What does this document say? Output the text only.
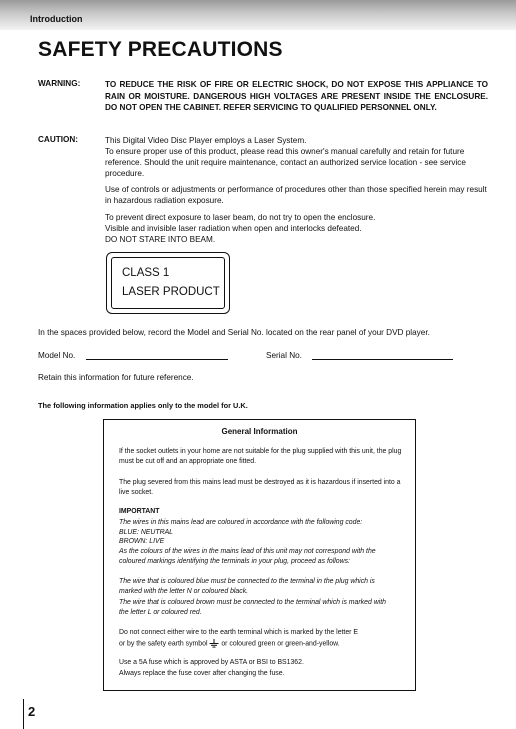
Introduction
SAFETY PRECAUTIONS
WARNING:	TO REDUCE THE RISK OF FIRE OR ELECTRIC SHOCK, DO NOT EXPOSE THIS APPLIANCE TO RAIN OR MOISTURE. DANGEROUS HIGH VOLTAGES ARE PRESENT INSIDE THE ENCLOSURE. DO NOT OPEN THE CABINET. REFER SERVICING TO QUALIFIED PERSONNEL ONLY.
CAUTION:	This Digital Video Disc Player employs a Laser System.
To ensure proper use of this product, please read this owner's manual carefully and retain for future reference. Should the unit require maintenance, contact an authorized service location - see service procedure.
Use of controls or adjustments or performance of procedures other than those specified herein may result in hazardous radiation exposure.
To prevent direct exposure to laser beam, do not try to open the enclosure.
Visible and invisible laser radiation when open and interlocks defeated.
DO NOT STARE INTO BEAM.
CLASS 1
LASER PRODUCT
In the spaces provided below, record the Model and Serial No. located on the rear panel of your DVD player.
Model No.	Serial No.
Retain this information for future reference.
The following information applies only to the model for U.K.
General Information
If the socket outlets in your home are not suitable for the plug supplied with this unit, the plug must be cut off and an appropriate one fitted.
The plug severed from this mains lead must be destroyed as it is hazardous if inserted into a live socket.
IMPORTANT
The wires in this mains lead are coloured in accordance with the following code:
BLUE: NEUTRAL
BROWN: LIVE
As the colours of the wires in the mains lead of this unit may not correspond with the coloured markings identifying the terminals in your plug, proceed as follows:
The wire that is coloured blue must be connected to the terminal in the plug which is marked with the letter N or coloured black.
The wire that is coloured brown must be connected to the terminal which is marked with the letter L or coloured red.
Do not connect either wire to the earth terminal which is marked by the letter E
or by the safety earth symbol or coloured green or green-and-yellow.
Use a 5A fuse which is approved by ASTA or BSI to BS1362.
Always replace the fuse cover after changing the fuse.
2
